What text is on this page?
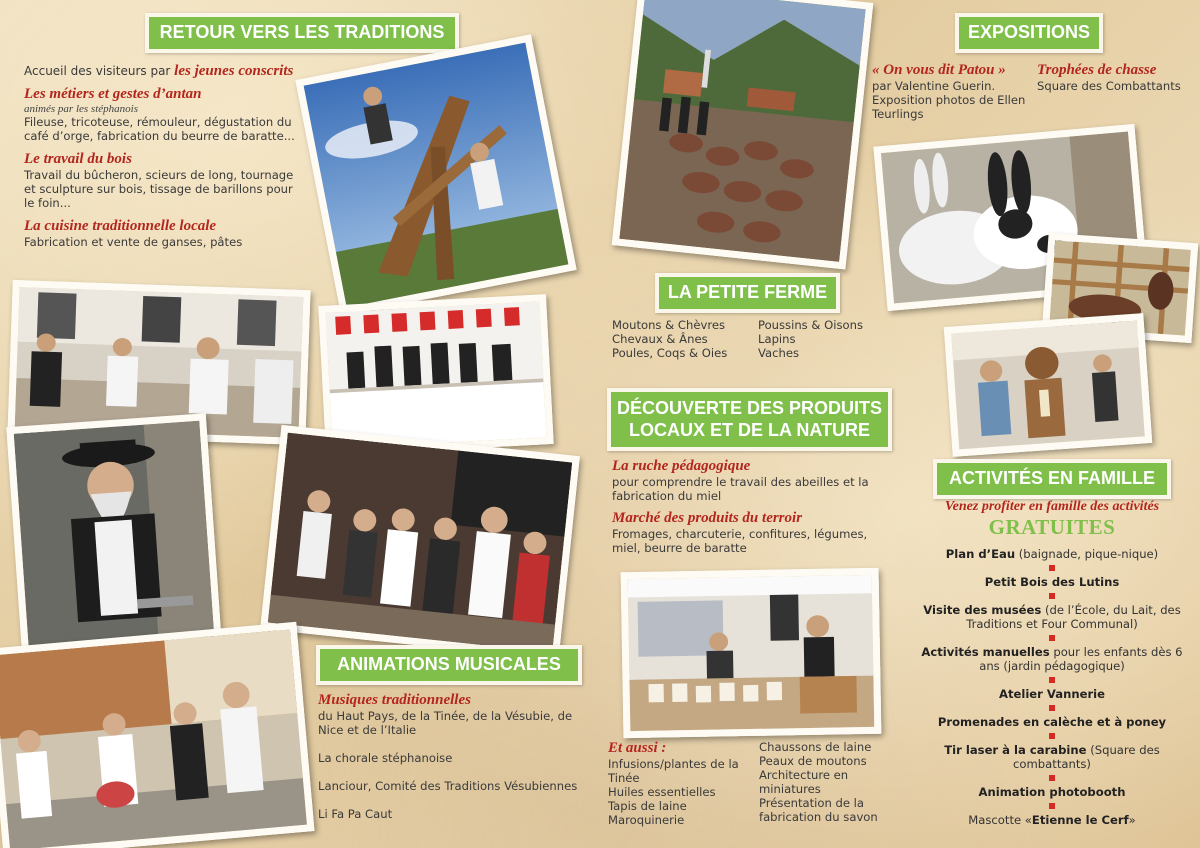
RETOUR VERS LES TRADITIONS
Accueil des visiteurs par les jeunes conscrits
Les métiers et gestes d’antan
animés par les stéphanois
Fileuse, tricoteuse, rémouleur, dégustation du café d’orge, fabrication du beurre de baratte...
Le travail du bois
Travail du bûcheron, scieurs de long, tournage et sculpture sur bois, tissage de barillons pour le foin...
La cuisine traditionnelle locale
Fabrication et vente de ganses, pâtes
ANIMATIONS MUSICALES
Musiques traditionnelles
du Haut Pays, de la Tinée, de la Vésubie, de Nice et de l’Italie
La chorale stéphanoise
Lanciour, Comité des Traditions Vésubiennes
Li Fa Pa Caut
LA PETITE FERME
Moutons & Chèvres
Chevaux & Ânes
Poules, Coqs & Oies
Poussins & Oisons
Lapins
Vaches
DÉCOUVERTE DES PRODUITS
LOCAUX ET DE LA NATURE
La ruche pédagogique
pour comprendre le travail des abeilles et la fabrication du miel
Marché des produits du terroir
Fromages, charcuterie, confitures, légumes, miel, beurre de baratte
Et aussi :
Infusions/plantes de la Tinée
Huiles essentielles
Tapis de laine
Maroquinerie
Chaussons de laine
Peaux de moutons
Architecture en miniatures
Présentation de la fabrication du savon
EXPOSITIONS
« On vous dit Patou »
par Valentine Guerin. Exposition photos de Ellen Teurlings
Trophées de chasse
Square des Combattants
ACTIVITÉS EN FAMILLE
Venez profiter en famille des activités
GRATUITES
Plan d’Eau (baignade, pique-nique)
Petit Bois des Lutins
Visite des musées (de l’École, du Lait, des Traditions et Four Communal)
Activités manuelles pour les enfants dès 6 ans (jardin pédagogique)
Atelier Vannerie
Promenades en calèche et à poney
Tir laser à la carabine (Square des combattants)
Animation photobooth
Mascotte «Etienne le Cerf»
